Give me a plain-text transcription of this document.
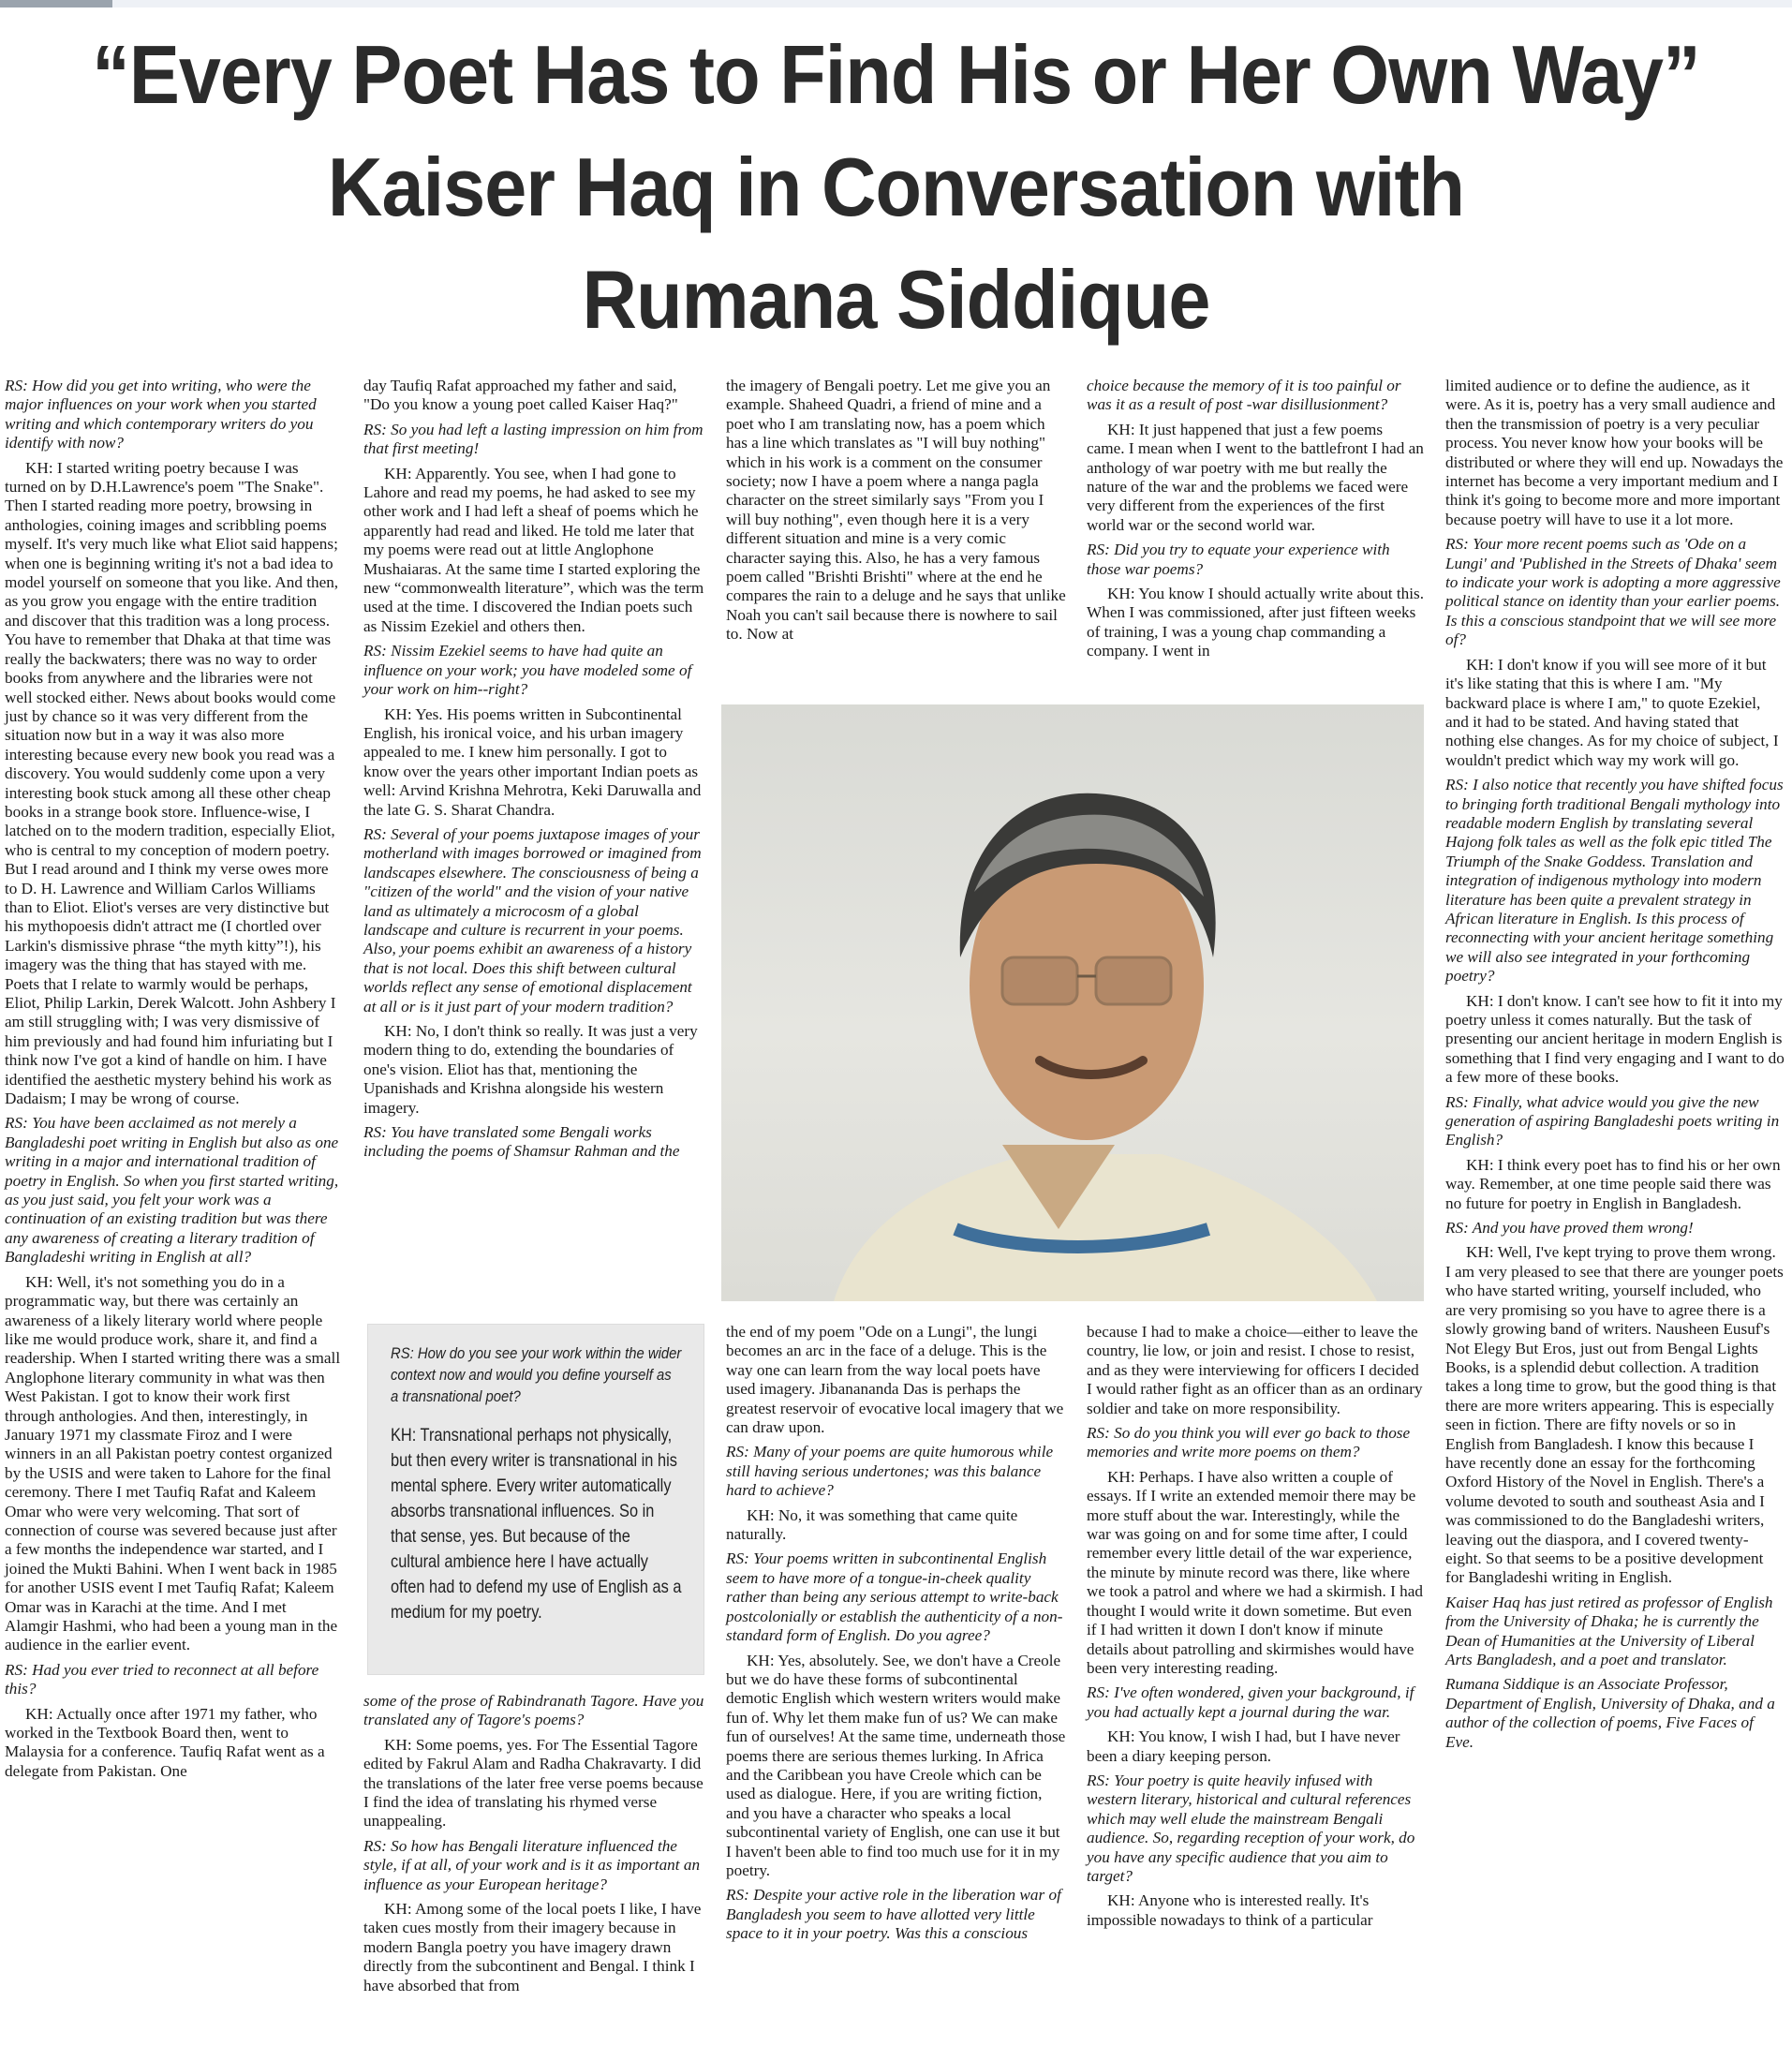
“Every Poet Has to Find His or Her Own Way”
Kaiser Haq in Conversation with
Rumana Siddique

RS: How did you get into writing, who were the major influences on your work when you started writing and which contemporary writers do you identify with now?

KH: I started writing poetry because I was turned on by D.H.Lawrence's poem "The Snake". Then I started reading more poetry, browsing in anthologies, coining images and scribbling poems myself. It's very much like what Eliot said happens; when one is beginning writing it's not a bad idea to model yourself on someone that you like. And then, as you grow you engage with the entire tradition and discover that this tradition was a long process. You have to remember that Dhaka at that time was really the backwaters; there was no way to order books from anywhere and the libraries were not well stocked either. News about books would come just by chance so it was very different from the situation now but in a way it was also more interesting because every new book you read was a discovery. You would suddenly come upon a very interesting book stuck among all these other cheap books in a strange book store. Influence-wise, I latched on to the modern tradition, especially Eliot, who is central to my conception of modern poetry. But I read around and I think my verse owes more to D. H. Lawrence and William Carlos Williams than to Eliot. Eliot's verses are very distinctive but his mythopoesis didn't attract me (I chortled over Larkin's dismissive phrase “the myth kitty”!), his imagery was the thing that has stayed with me. Poets that I relate to warmly would be perhaps, Eliot, Philip Larkin, Derek Walcott. John Ashbery I am still struggling with; I was very dismissive of him previously and had found him infuriating but I think now I've got a kind of handle on him. I have identified the aesthetic mystery behind his work as Dadaism; I may be wrong of course.

RS: You have been acclaimed as not merely a Bangladeshi poet writing in English but also as one writing in a major and international tradition of poetry in English. So when you first started writing, as you just said, you felt your work was a continuation of an existing tradition but was there any awareness of creating a literary tradition of Bangladeshi writing in English at all?

KH: Well, it's not something you do in a programmatic way, but there was certainly an awareness of a likely literary world where people like me would produce work, share it, and find a readership. When I started writing there was a small Anglophone literary community in what was then West Pakistan. I got to know their work first through anthologies. And then, interestingly, in January 1971 my classmate Firoz and I were winners in an all Pakistan poetry contest organized by the USIS and were taken to Lahore for the final ceremony. There I met Taufiq Rafat and Kaleem Omar who were very welcoming. That sort of connection of course was severed because just after a few months the independence war started, and I joined the Mukti Bahini. When I went back in 1985 for another USIS event I met Taufiq Rafat; Kaleem Omar was in Karachi at the time. And I met Alamgir Hashmi, who had been a young man in the audience in the earlier event.

RS: Had you ever tried to reconnect at all before this?

KH: Actually once after 1971 my father, who worked in the Textbook Board then, went to Malaysia for a conference. Taufiq Rafat went as a delegate from Pakistan. One

day Taufiq Rafat approached my father and said, "Do you know a young poet called Kaiser Haq?"

RS: So you had left a lasting impression on him from that first meeting!

KH: Apparently. You see, when I had gone to Lahore and read my poems, he had asked to see my other work and I had left a sheaf of poems which he apparently had read and liked. He told me later that my poems were read out at little Anglophone Mushaiaras. At the same time I started exploring the new “commonwealth literature”, which was the term used at the time. I discovered the Indian poets such as Nissim Ezekiel and others then.

RS: Nissim Ezekiel seems to have had quite an influence on your work; you have modeled some of your work on him--right?

KH: Yes. His poems written in Subcontinental English, his ironical voice, and his urban imagery appealed to me. I knew him personally. I got to know over the years other important Indian poets as well: Arvind Krishna Mehrotra, Keki Daruwalla and the late G. S. Sharat Chandra.

RS: Several of your poems juxtapose images of your motherland with images borrowed or imagined from landscapes elsewhere. The consciousness of being a "citizen of the world" and the vision of your native land as ultimately a microcosm of a global landscape and culture is recurrent in your poems. Also, your poems exhibit an awareness of a history that is not local. Does this shift between cultural worlds reflect any sense of emotional displacement at all or is it just part of your modern tradition?

KH: No, I don't think so really. It was just a very modern thing to do, extending the boundaries of one's vision. Eliot has that, mentioning the Upanishads and Krishna alongside his western imagery.

RS: You have translated some Bengali works including the poems of Shamsur Rahman and the

the imagery of Bengali poetry. Let me give you an example. Shaheed Quadri, a friend of mine and a poet who I am translating now, has a poem which has a line which translates as "I will buy nothing" which in his work is a comment on the consumer society; now I have a poem where a nanga pagla character on the street similarly says "From you I will buy nothing", even though here it is a very different situation and mine is a very comic character saying this. Also, he has a very famous poem called "Brishti Brishti" where at the end he compares the rain to a deluge and he says that unlike Noah you can't sail because there is nowhere to sail to. Now at

choice because the memory of it is too painful or was it as a result of post -war disillusionment?

KH: It just happened that just a few poems came. I mean when I went to the battlefront I had an anthology of war poetry with me but really the nature of the war and the problems we faced were very different from the experiences of the first world war or the second world war.

RS: Did you try to equate your experience with those war poems?

KH: You know I should actually write about this. When I was commissioned, after just fifteen weeks of training, I was a young chap commanding a company. I went in

limited audience or to define the audience, as it were. As it is, poetry has a very small audience and then the transmission of poetry is a very peculiar process. You never know how your books will be distributed or where they will end up. Nowadays the internet has become a very important medium and I think it's going to become more and more important because poetry will have to use it a lot more.

RS: Your more recent poems such as 'Ode on a Lungi' and 'Published in the Streets of Dhaka' seem to indicate your work is adopting a more aggressive political stance on identity than your earlier poems. Is this a conscious standpoint that we will see more of?

KH: I don't know if you will see more of it but it's like stating that this is where I am. "My backward place is where I am," to quote Ezekiel, and it had to be stated. And having stated that nothing else changes. As for my choice of subject, I wouldn't predict which way my work will go.

RS: I also notice that recently you have shifted focus to bringing forth traditional Bengali mythology into readable modern English by translating several Hajong folk tales as well as the folk epic titled The Triumph of the Snake Goddess. Translation and integration of indigenous mythology into modern literature has been quite a prevalent strategy in African literature in English. Is this process of reconnecting with your ancient heritage something we will also see integrated in your forthcoming poetry?

KH: I don't know. I can't see how to fit it into my poetry unless it comes naturally. But the task of presenting our ancient heritage in modern English is something that I find very engaging and I want to do a few more of these books.

RS: Finally, what advice would you give the new generation of aspiring Bangladeshi poets writing in English?

KH: I think every poet has to find his or her own way. Remember, at one time people said there was no future for poetry in English in Bangladesh.

RS: And you have proved them wrong!

KH: Well, I've kept trying to prove them wrong. I am very pleased to see that there are younger poets who have started writing, yourself included, who are very promising so you have to agree there is a slowly growing band of writers. Nausheen Eusuf's Not Elegy But Eros, just out from Bengal Lights Books, is a splendid debut collection. A tradition takes a long time to grow, but the good thing is that there are more writers appearing. This is especially seen in fiction. There are fifty novels or so in English from Bangladesh. I know this because I have recently done an essay for the forthcoming Oxford History of the Novel in English. There's a volume devoted to south and southeast Asia and I was commissioned to do the Bangladeshi writers, leaving out the diaspora, and I covered twenty-eight. So that seems to be a positive development for Bangladeshi writing in English.

Kaiser Haq has just retired as professor of English from the University of Dhaka; he is currently the Dean of Humanities at the University of Liberal Arts Bangladesh, and a poet and translator.

Rumana Siddique is an Associate Professor, Department of English, University of Dhaka, and a author of the collection of poems, Five Faces of Eve.

some of the prose of Rabindranath Tagore. Have you translated any of Tagore's poems?

KH: Some poems, yes. For The Essential Tagore edited by Fakrul Alam and Radha Chakravarty. I did the translations of the later free verse poems because I find the idea of translating his rhymed verse unappealing.

RS: So how has Bengali literature influenced the style, if at all, of your work and is it as important an influence as your European heritage?

KH: Among some of the local poets I like, I have taken cues mostly from their imagery because in modern Bangla poetry you have imagery drawn directly from the subcontinent and Bengal. I think I have absorbed that from

the end of my poem "Ode on a Lungi", the lungi becomes an arc in the face of a deluge. This is the way one can learn from the way local poets have used imagery. Jibanananda Das is perhaps the greatest reservoir of evocative local imagery that we can draw upon.

RS: Many of your poems are quite humorous while still having serious undertones; was this balance hard to achieve?

KH: No, it was something that came quite naturally.

RS: Your poems written in subcontinental English seem to have more of a tongue-in-cheek quality rather than being any serious attempt to write-back postcolonially or establish the authenticity of a non-standard form of English. Do you agree?

KH: Yes, absolutely. See, we don't have a Creole but we do have these forms of subcontinental demotic English which western writers would make fun of. Why let them make fun of us? We can make fun of ourselves! At the same time, underneath those poems there are serious themes lurking. In Africa and the Caribbean you have Creole which can be used as dialogue. Here, if you are writing fiction, and you have a character who speaks a local subcontinental variety of English, one can use it but I haven't been able to find too much use for it in my poetry.

RS: Despite your active role in the liberation war of Bangladesh you seem to have allotted very little space to it in your poetry. Was this a conscious

because I had to make a choice—either to leave the country, lie low, or join and resist. I chose to resist, and as they were interviewing for officers I decided I would rather fight as an officer than as an ordinary soldier and take on more responsibility.

RS: So do you think you will ever go back to those memories and write more poems on them?

KH: Perhaps. I have also written a couple of essays. If I write an extended memoir there may be more stuff about the war. Interestingly, while the war was going on and for some time after, I could remember every little detail of the war experience, the minute by minute record was there, like where we took a patrol and where we had a skirmish. I had thought I would write it down sometime. But even if I had written it down I don't know if minute details about patrolling and skirmishes would have been very interesting reading.

RS: I've often wondered, given your background, if you had actually kept a journal during the war.

KH: You know, I wish I had, but I have never been a diary keeping person.

RS: Your poetry is quite heavily infused with western literary, historical and cultural references which may well elude the mainstream Bengali audience. So, regarding reception of your work, do you have any specific audience that you aim to target?

KH: Anyone who is interested really. It's impossible nowadays to think of a particular

RS: How do you see your work within the wider context now and would you define yourself as a transnational poet?
KH: Transnational perhaps not physically, but then every writer is transnational in his mental sphere. Every writer automatically absorbs transnational influences. So in that sense, yes. But because of the cultural ambience here I have actually often had to defend my use of English as a medium for my poetry.
